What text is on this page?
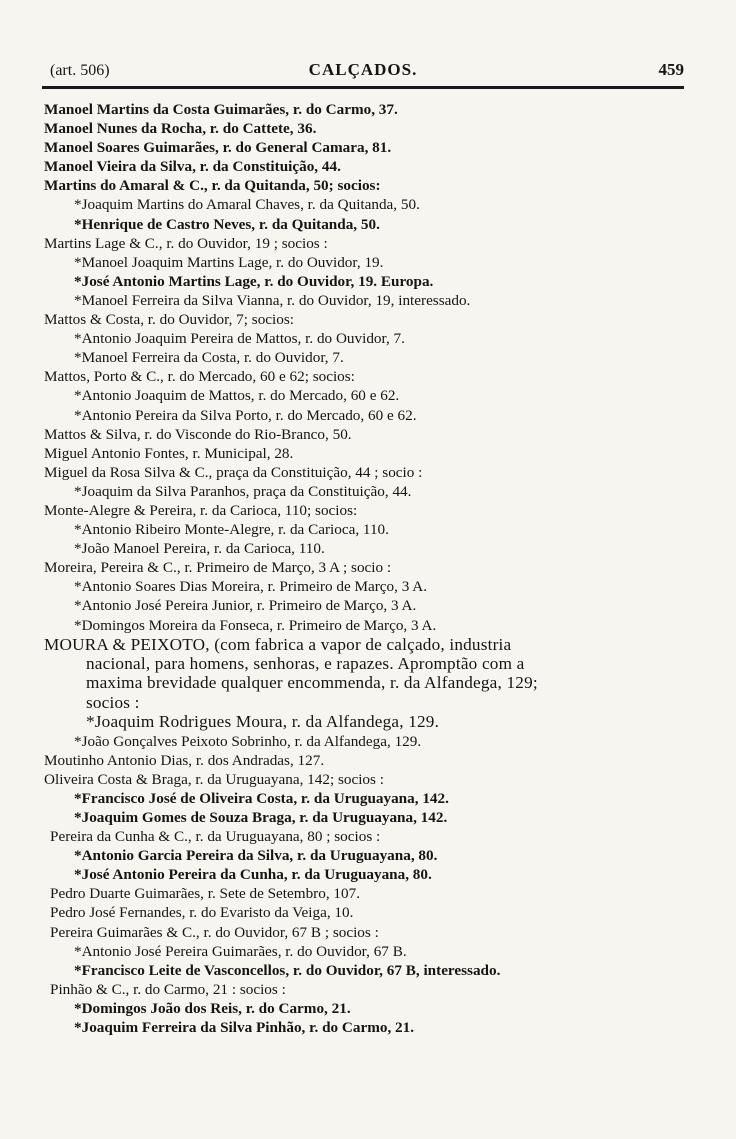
(art. 506)	CALÇADOS.	459
Manoel Martins da Costa Guimarães, r. do Carmo, 37.
Manoel Nunes da Rocha, r. do Cattete, 36.
Manoel Soares Guimarães, r. do General Camara, 81.
Manoel Vieira da Silva, r. da Constituição, 44.
Martins do Amaral & C., r. da Quitanda, 50; socios:
*Joaquim Martins do Amaral Chaves, r. da Quitanda, 50.
*Henrique de Castro Neves, r. da Quitanda, 50.
Martins Lage & C., r. do Ouvidor, 19 ; socios :
*Manoel Joaquim Martins Lage, r. do Ouvidor, 19.
*José Antonio Martins Lage, r. do Ouvidor, 19. Europa.
*Manoel Ferreira da Silva Vianna, r. do Ouvidor, 19, interessado.
Mattos & Costa, r. do Ouvidor, 7; socios:
*Antonio Joaquim Pereira de Mattos, r. do Ouvidor, 7.
*Manoel Ferreira da Costa, r. do Ouvidor, 7.
Mattos, Porto & C., r. do Mercado, 60 e 62; socios:
*Antonio Joaquim de Mattos, r. do Mercado, 60 e 62.
*Antonio Pereira da Silva Porto, r. do Mercado, 60 e 62.
Mattos & Silva, r. do Visconde do Rio-Branco, 50.
Miguel Antonio Fontes, r. Municipal, 28.
Miguel da Rosa Silva & C., praça da Constituição, 44 ; socio :
*Joaquim da Silva Paranhos, praça da Constituição, 44.
Monte-Alegre & Pereira, r. da Carioca, 110; socios:
*Antonio Ribeiro Monte-Alegre, r. da Carioca, 110.
*João Manoel Pereira, r. da Carioca, 110.
Moreira, Pereira & C., r. Primeiro de Março, 3 A ; socio :
*Antonio Soares Dias Moreira, r. Primeiro de Março, 3 A.
*Antonio José Pereira Junior, r. Primeiro de Março, 3 A.
*Domingos Moreira da Fonseca, r. Primeiro de Março, 3 A.
MOURA & PEIXOTO, (com fabrica a vapor de calçado, industria
nacional, para homens, senhoras, e rapazes. Apromptão com a
maxima brevidade qualquer encommenda, r. da Alfandega, 129;
socios :
*Joaquim Rodrigues Moura, r. da Alfandega, 129.
*João Gonçalves Peixoto Sobrinho, r. da Alfandega, 129.
Moutinho Antonio Dias, r. dos Andradas, 127.
Oliveira Costa & Braga, r. da Uruguayana, 142; socios :
*Francisco José de Oliveira Costa, r. da Uruguayana, 142.
*Joaquim Gomes de Souza Braga, r. da Uruguayana, 142.
Pereira da Cunha & C., r. da Uruguayana, 80 ; socios :
*Antonio Garcia Pereira da Silva, r. da Uruguayana, 80.
*José Antonio Pereira da Cunha, r. da Uruguayana, 80.
Pedro Duarte Guimarães, r. Sete de Setembro, 107.
Pedro José Fernandes, r. do Evaristo da Veiga, 10.
Pereira Guimarães & C., r. do Ouvidor, 67 B ; socios :
*Antonio José Pereira Guimarães, r. do Ouvidor, 67 B.
*Francisco Leite de Vasconcellos, r. do Ouvidor, 67 B, interessado.
Pinhão & C., r. do Carmo, 21 : socios :
*Domingos João dos Reis, r. do Carmo, 21.
*Joaquim Ferreira da Silva Pinhão, r. do Carmo, 21.
